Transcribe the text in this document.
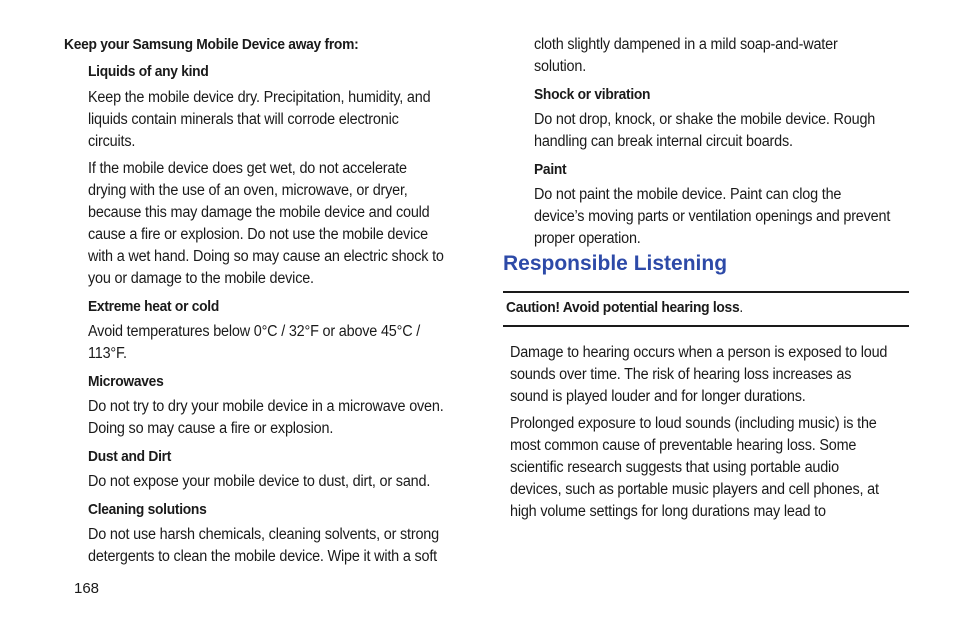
Keep your Samsung Mobile Device away from:
Liquids of any kind
Keep the mobile device dry. Precipitation, humidity, and
liquids contain minerals that will corrode electronic
circuits.
If the mobile device does get wet, do not accelerate
drying with the use of an oven, microwave, or dryer,
because this may damage the mobile device and could
cause a fire or explosion. Do not use the mobile device
with a wet hand. Doing so may cause an electric shock to
you or damage to the mobile device.
Extreme heat or cold
Avoid temperatures below 0°C / 32°F or above 45°C /
113°F.
Microwaves
Do not try to dry your mobile device in a microwave oven.
Doing so may cause a fire or explosion.
Dust and Dirt
Do not expose your mobile device to dust, dirt, or sand.
Cleaning solutions
Do not use harsh chemicals, cleaning solvents, or strong
detergents to clean the mobile device. Wipe it with a soft
cloth slightly dampened in a mild soap-and-water
solution.
Shock or vibration
Do not drop, knock, or shake the mobile device. Rough
handling can break internal circuit boards.
Paint
Do not paint the mobile device. Paint can clog the
device’s moving parts or ventilation openings and prevent
proper operation.
Responsible Listening
Caution! Avoid potential hearing loss.
Damage to hearing occurs when a person is exposed to loud
sounds over time. The risk of hearing loss increases as
sound is played louder and for longer durations.
Prolonged exposure to loud sounds (including music) is the
most common cause of preventable hearing loss. Some
scientific research suggests that using portable audio
devices, such as portable music players and cell phones, at
high volume settings for long durations may lead to
168
